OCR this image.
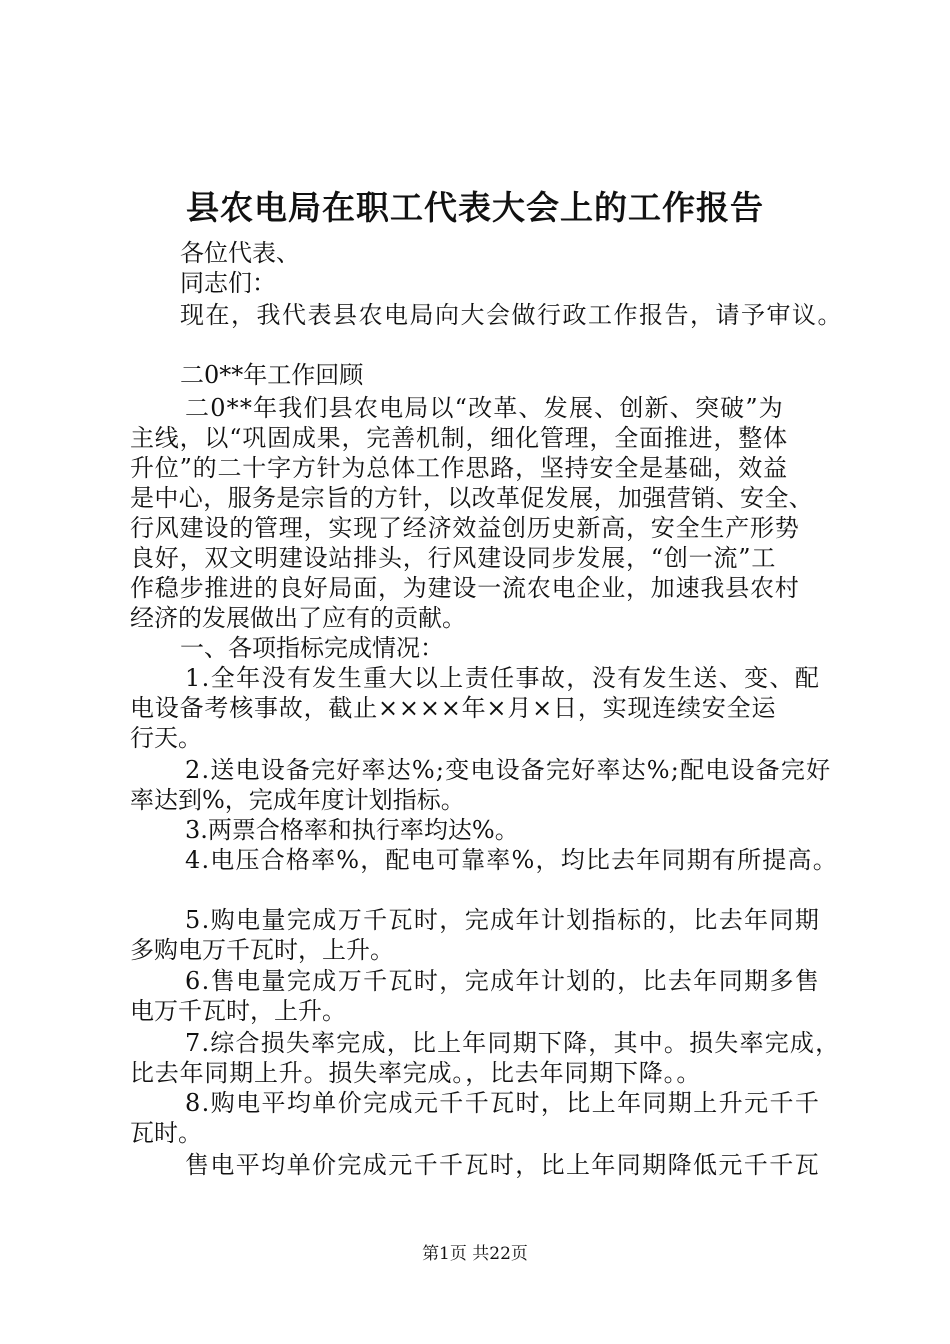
县农电局在职工代表大会上的工作报告
各位代表、
同志们：
现在，我代表县农电局向大会做行政工作报告，请予审议。
二0**年工作回顾
二0**年我们县农电局以“改革、发展、创新、突破”为
主线，以“巩固成果，完善机制，细化管理，全面推进，整体
升位”的二十字方针为总体工作思路，坚持安全是基础，效益
是中心，服务是宗旨的方针，以改革促发展，加强营销、安全、
行风建设的管理，实现了经济效益创历史新高，安全生产形势
良好，双文明建设站排头，行风建设同步发展，“创一流”工
作稳步推进的良好局面，为建设一流农电企业，加速我县农村
经济的发展做出了应有的贡献。
一、各项指标完成情况：
1.全年没有发生重大以上责任事故，没有发生送、变、配
电设备考核事故，截止××××年×月×日，实现连续安全运
行天。
2.送电设备完好率达%;变电设备完好率达%;配电设备完好
率达到%，完成年度计划指标。
3.两票合格率和执行率均达%。
4.电压合格率%，配电可靠率%，均比去年同期有所提高。
5.购电量完成万千瓦时，完成年计划指标的，比去年同期
多购电万千瓦时，上升。
6.售电量完成万千瓦时，完成年计划的，比去年同期多售
电万千瓦时，上升。
7.综合损失率完成，比上年同期下降，其中。损失率完成，
比去年同期上升。损失率完成。，比去年同期下降。。
8.购电平均单价完成元千千瓦时，比上年同期上升元千千
瓦时。
售电平均单价完成元千千瓦时，比上年同期降低元千千瓦
第1页 共22页
